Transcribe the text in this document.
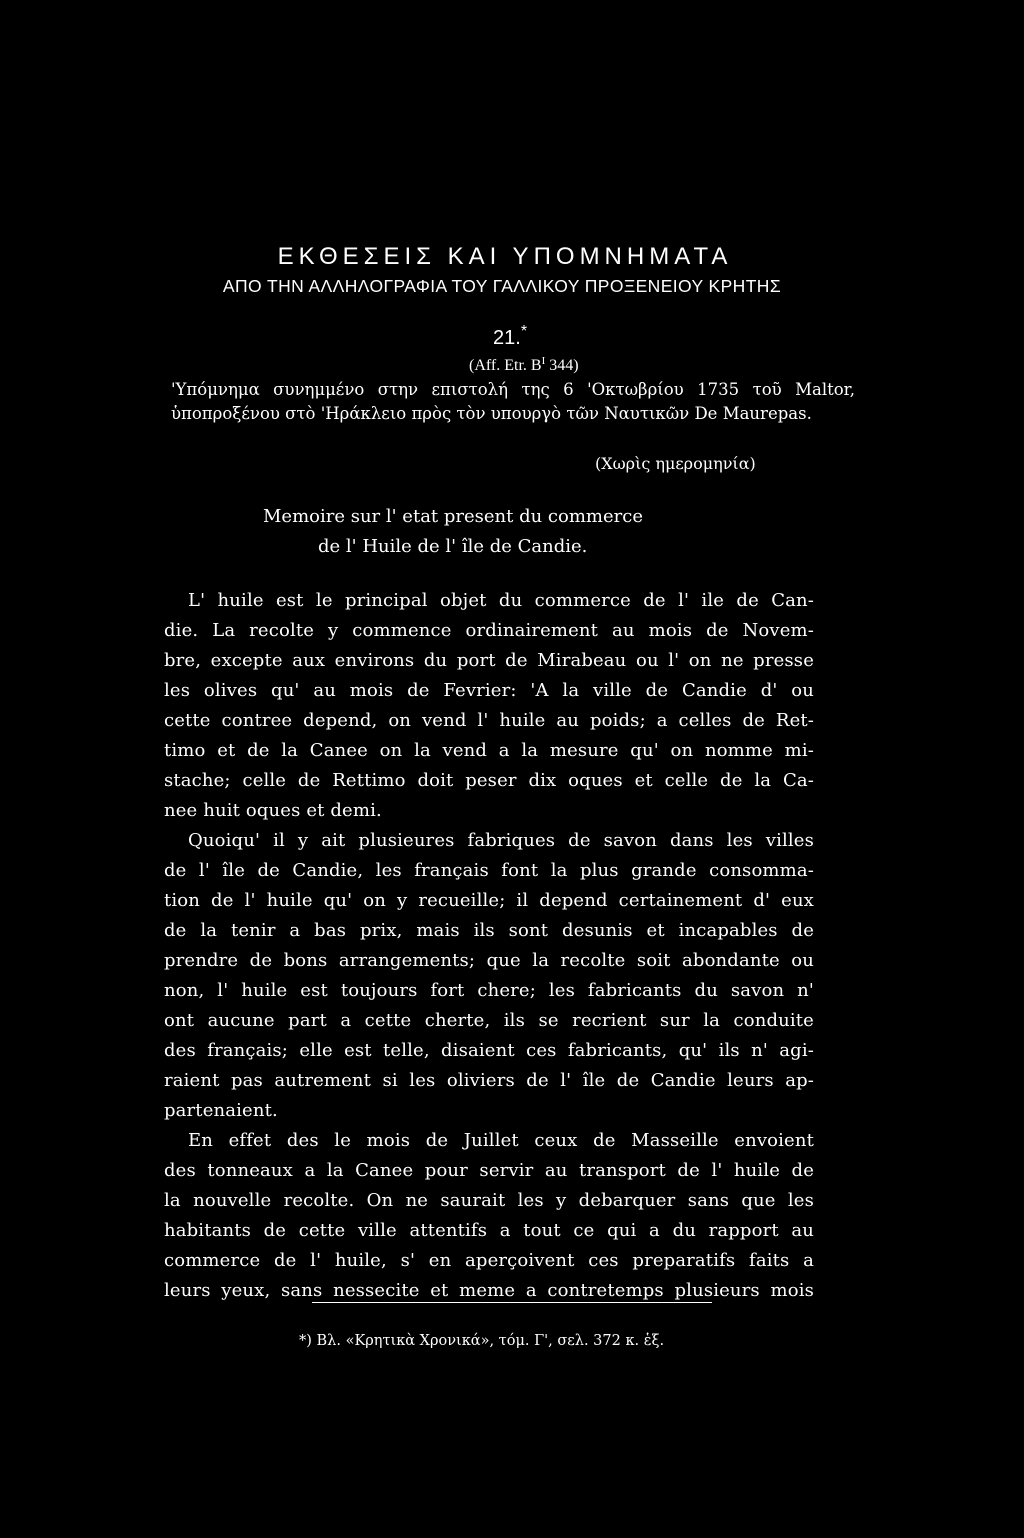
ΕΚΘΕΣΕΙΣ ΚΑΙ ΥΠΟΜΝΗΜΑΤΑ
ΑΠΟ ΤΗΝ ΑΛΛΗΛΟΓΡΑΦΙΑ ΤΟΥ ΓΑΛΛΙΚΟΥ ΠΡΟΞΕΝΕΙΟΥ ΚΡΗΤΗΣ
21.*
(Aff. Etr. $B^I$ 344)
'Υπόμνημα συνημμένο στην επιστολή της 6 'Οκτωβρίου 1735 τοῦ Maltor,
ὑποπροξένου στὸ 'Ηράκλειο πρὸς τὸν υπουργὸ τῶν Ναυτικῶν De Maurepas.
(Χωρὶς ημερομηνία)
Memoire sur l' etat present du commerce
de l' Huile de l' île de Candie.
L' huile est le principal objet du commerce de l' ile de Can-
die. La recolte y commence ordinairement au mois de Novem-
bre, excepte aux environs du port de Mirabeau ou l' on ne presse
les olives qu' au mois de Fevrier: 'A la ville de Candie d' ou
cette contree depend, on vend l' huile au poids; a celles de Ret-
timo et de la Canee on la vend a la mesure qu' on nomme mi-
stache; celle de Rettimo doit peser dix oques et celle de la Ca-
nee huit oques et demi.
Quoiqu' il y ait plusieures fabriques de savon dans les villes
de l' île de Candie, les français font la plus grande consomma-
tion de l' huile qu' on y recueille; il depend certainement d' eux
de la tenir a bas prix, mais ils sont desunis et incapables de
prendre de bons arrangements; que la recolte soit abondante ou
non, l' huile est toujours fort chere; les fabricants du savon n'
ont aucune part a cette cherte, ils se recrient sur la conduite
des français; elle est telle, disaient ces fabricants, qu' ils n' agi-
raient pas autrement si les oliviers de l' île de Candie leurs ap-
partenaient.
En effet des le mois de Juillet ceux de Masseille envoient
des tonneaux a la Canee pour servir au transport de l' huile de
la nouvelle recolte. On ne saurait les y debarquer sans que les
habitants de cette ville attentifs a tout ce qui a du rapport au
commerce de l' huile, s' en aperçoivent ces preparatifs faits a
leurs yeux, sans nessecite et meme a contretemps plusieurs mois
*) Βλ. «Κρητικὰ Χρονικά», τόμ. Γ', σελ. 372 κ. ἑξ.
